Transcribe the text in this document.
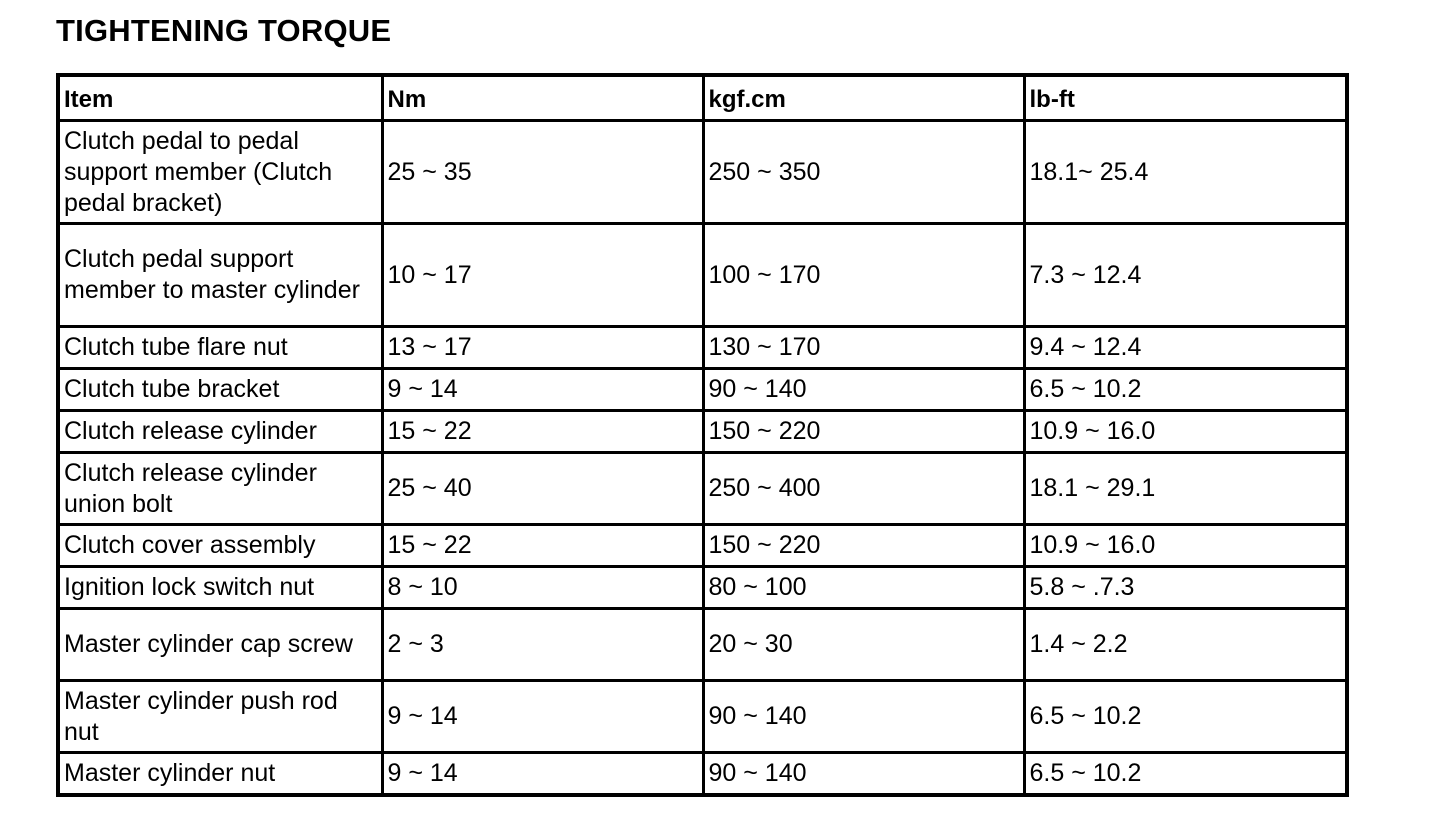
TIGHTENING TORQUE
Item	Nm	kgf.cm	lb-ft
Clutch pedal to pedal support member (Clutch pedal bracket)	25 ~ 35	250 ~ 350	18.1~ 25.4
Clutch pedal support member to master cylinder	10 ~ 17	100 ~ 170	7.3 ~ 12.4
Clutch tube flare nut	13 ~ 17	130 ~ 170	9.4 ~ 12.4
Clutch tube bracket	9 ~ 14	90 ~ 140	6.5 ~ 10.2
Clutch release cylinder	15 ~ 22	150 ~ 220	10.9 ~ 16.0
Clutch release cylinder union bolt	25 ~ 40	250 ~ 400	18.1 ~ 29.1
Clutch cover assembly	15 ~ 22	150 ~ 220	10.9 ~ 16.0
Ignition lock switch nut	8 ~ 10	80 ~ 100	5.8 ~ .7.3
Master cylinder cap screw	2 ~ 3	20 ~ 30	1.4 ~ 2.2
Master cylinder push rod nut	9 ~ 14	90 ~ 140	6.5 ~ 10.2
Master cylinder nut	9 ~ 14	90 ~ 140	6.5 ~ 10.2
